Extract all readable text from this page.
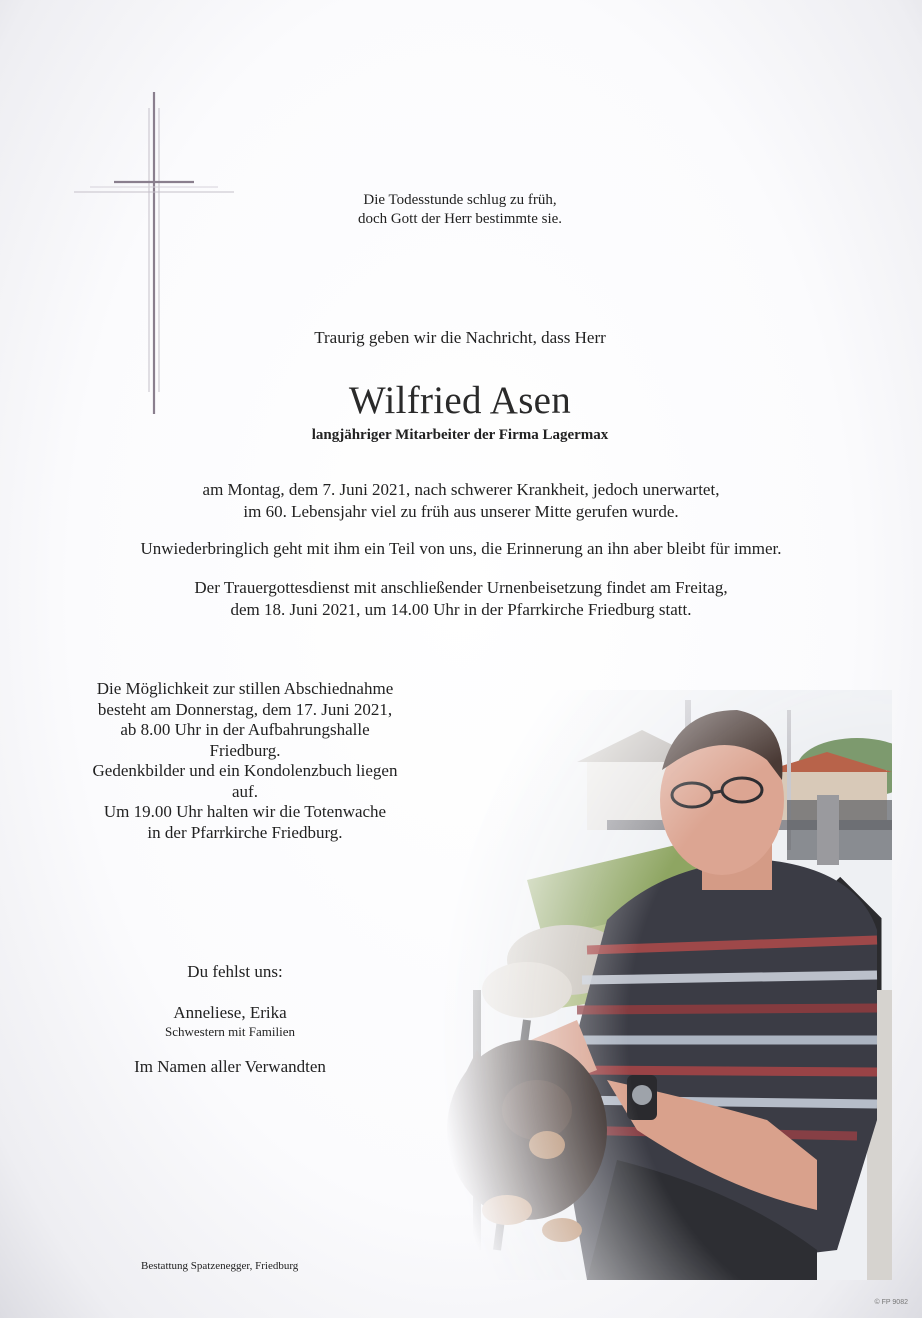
Die Todesstunde schlug zu früh,
doch Gott der Herr bestimmte sie.
Traurig geben wir die Nachricht, dass Herr
Wilfried Asen
langjähriger Mitarbeiter der Firma Lagermax
am Montag, dem 7. Juni 2021, nach schwerer Krankheit, jedoch unerwartet,
im 60. Lebensjahr viel zu früh aus unserer Mitte gerufen wurde.
Unwiederbringlich geht mit ihm ein Teil von uns, die Erinnerung an ihn aber bleibt für immer.
Der Trauergottesdienst mit anschließender Urnenbeisetzung findet am Freitag,
dem 18. Juni 2021, um 14.00 Uhr in der Pfarrkirche Friedburg statt.
Die Möglichkeit zur stillen Abschiednahme
besteht am Donnerstag, dem 17. Juni 2021,
ab 8.00 Uhr in der Aufbahrungshalle Friedburg.
Gedenkbilder und ein Kondolenzbuch liegen auf.
Um 19.00 Uhr halten wir die Totenwache
in der Pfarrkirche Friedburg.
Du fehlst uns:
Anneliese, Erika
Schwestern mit Familien
Im Namen aller Verwandten
Bestattung Spatzenegger, Friedburg
© FP 9082
